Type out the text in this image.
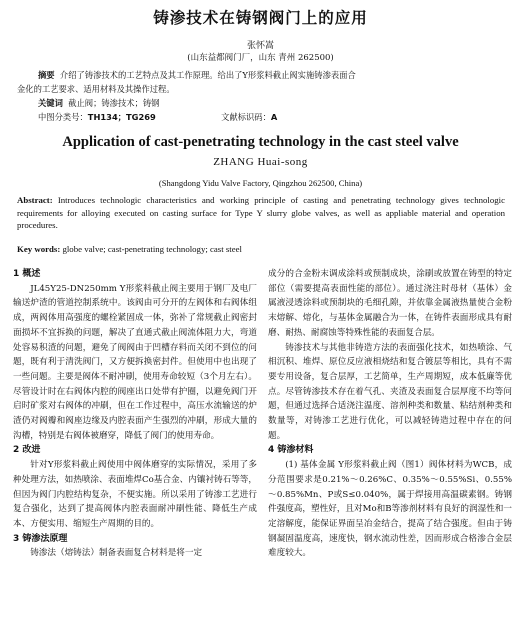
铸渗技术在铸钢阀门上的应用
张怀嵩
(山东益都阀门厂，山东 青州 262500)
摘要 介绍了铸渗技术的工艺特点及其工作原理。给出了Y形浆料截止阀实施铸渗表面合
金化的工艺要求、适用材料及其操作过程。
关键词 截止阀；铸渗技术；铸钢
中图分类号：TH134；TG269	文献标识码：A
Application of cast-penetrating technology in the cast steel valve
ZHANG Huai-song
(Shangdong Yidu Valve Factory, Qingzhou 262500, China)
Abstract: Introduces technologic characteristics and working principle of casting and penetrating technology gives technologic requirements for alloying executed on casting surface for Type Y slurry globe valves, as well as appliable material and operation procedures.
Key words: globe valve; cast-penetrating technology; cast steel
1 概述

JL45Y25-DN250mm Y形浆料截止阀主要用于钢厂及电厂输送炉渣的管道控制系统中。该阀由可分开的左阀体和右阀体组成，两阀体用高强度的螺栓紧固成一体，弥补了常规截止阀密封面损坏不宜拆换的问题，解决了直通式截止阀流体阻力大，弯道处容易积渣的问题，避免了阀阀由于凹槽存料而关闭不到位的问题，既有利于清洗阀门，又方便拆换密封件。但使用中也出现了一些问题。主要是阀体不耐冲刷，使用寿命较短（3个月左右）。尽管设计时在右阀体内腔的阀座出口处带有护圈，以避免阀门开启时矿浆对右阀体的冲刷，但在工作过程中，高压水流输送的炉渣仍对阀瓣和阀座边缘及内腔表面产生强烈的冲刷，形成大量的沟槽，特别是右阀体被磨穿，降低了阀门的使用寿命。

2 改进

针对Y形浆料截止阀使用中阀体磨穿的实际情况，采用了多种处理方法，如热喷涂、表面堆焊Co基合金、内镶衬铸石等等，但因为阀门内腔结构复杂，不便实施。所以采用了铸渗工艺进行复合强化，达到了提高阀体内腔表面耐冲刷性能、降低生产成本、方便实用、缩短生产周期的目的。

3 铸渗法原理

铸渗法（熔铸法）制备表面复合材料是将一定

成分的合金粉末调成涂料或预制成块，涂刷或放置在铸型的特定部位（需要提高表面性能的部位）。通过浇注时母材（基体）金属液浸透涂料或预制块的毛细孔隙，并依靠金属液热量使合金粉末熔解、熔化，与基体金属融合为一体，在铸件表面形成具有耐磨、耐热、耐腐蚀等特殊性能的表面复合层。

铸渗技术与其他非铸造方法的表面强化技术，如热喷涂、气相沉积、堆焊、原位反应液相烧结和复合镀层等相比，具有不需要专用设备，复合层厚，工艺简单，生产周期短，成本低廉等优点。尽管铸渗技术存在着气孔、夹渣及表面复合层厚度不均等问题，但通过选择合适浇注温度、溶剂种类和数量、粘结剂种类和数量等，对铸渗工艺进行优化，可以减轻铸造过程中存在的问题。

4 铸渗材料

(1) 基体金属 Y形浆料截止阀（图1）阀体材料为WCB，成分范围要求是0.21%～0.26%C、0.35%～0.55%Si、0.55%～0.85%Mn、P或S≤0.040%，属于焊接用高温碳素钢。铸钢件强度高，塑性好，且对Mo和B等渗剂材料有良好的润湿性和一定溶解度，能保证界面呈冶金结合，提高了结合强度。但由于铸钢凝固温度高，速度快，钢水流动性差，因而形成合格渗合金层难度较大。
